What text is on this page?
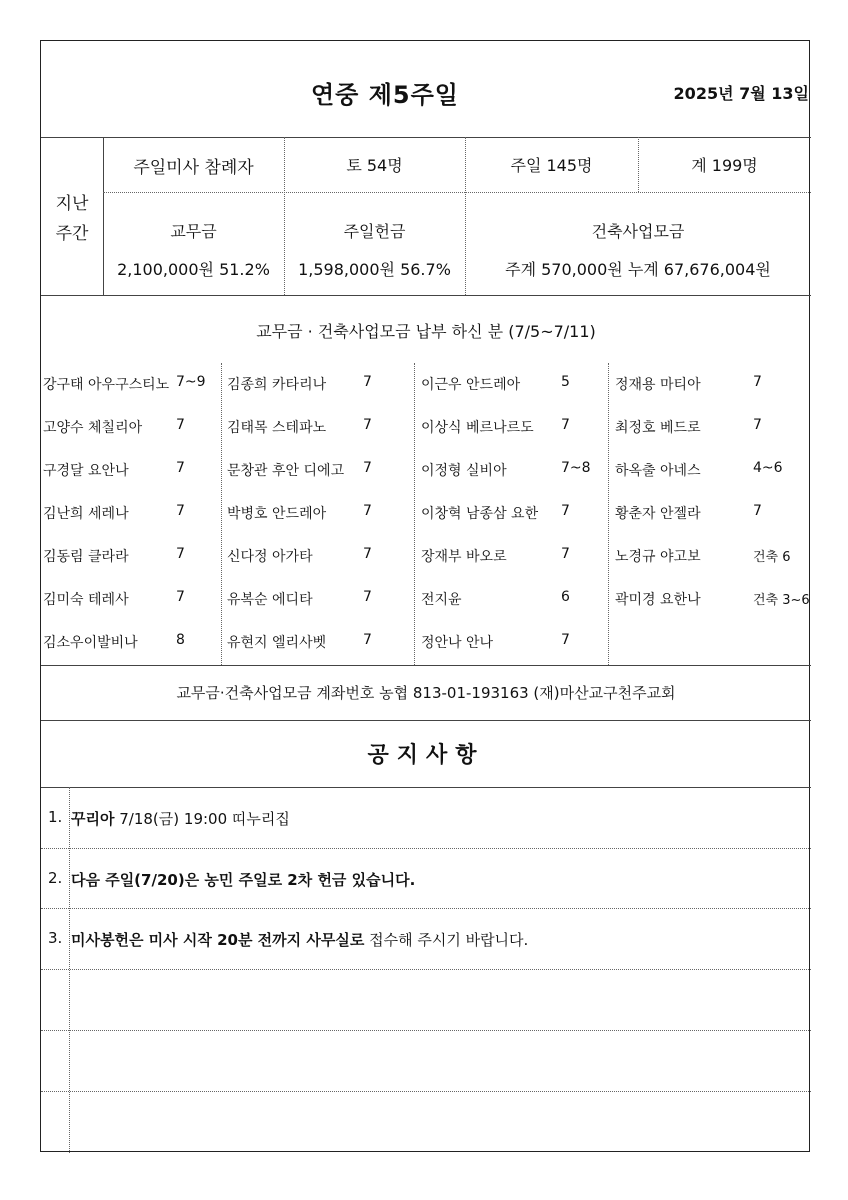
연중 제5주일	2025년 7월 13일
지난
주간
주일미사 참례자	토 54명	주일 145명	계 199명
교무금
2,100,000원 51.2%
주일헌금
1,598,000원 56.7%
건축사업모금
주계 570,000원 누계 67,676,004원
교무금 · 건축사업모금 납부 하신 분 (7/5~7/11)
강구태 아우구스티노 7~9
고양수 체칠리아 7
구경달 요안나	7
김난희 세레나	7
김동림 클라라	7
김미숙 테레사	7
김소우이발비나	8
김종희 카타리나	7
김태목 스테파노	7
문창관 후안 디에고 7
박병호 안드레아	7
신다정 아가타	7
유복순 에디타	7
유현지 엘리사벳	7
이근우 안드레아	5
이상식 베르나르도 7
이정형 실비아	7~8
이창혁 남종삼 요한 7
장재부 바오로	7
전지윤	6
정안나 안나	7
정재용 마티아	7
최정호 베드로	7
하옥출 아네스	4~6
황춘자 안젤라	7
노경규 야고보	건축 6
곽미경 요한나	건축 3~6
교무금·건축사업모금 계좌번호 농협 813-01-193163 (재)마산교구천주교회
공지사항
1. 꾸리아 7/18(금) 19:00 띠누리집
2. 다음 주일(7/20)은 농민 주일로 2차 헌금 있습니다.
3. 미사봉헌은 미사 시작 20분 전까지 사무실로 접수해 주시기 바랍니다.
